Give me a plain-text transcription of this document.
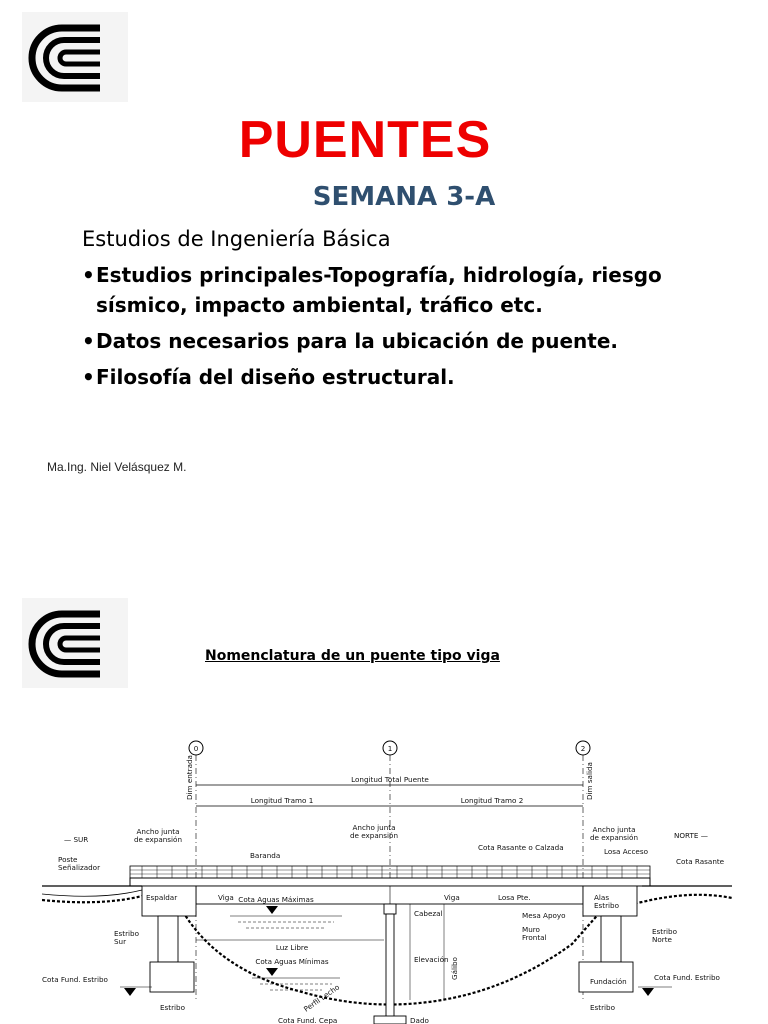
PUENTES
SEMANA 3-A
Estudios de Ingeniería Básica
• Estudios principales-Topografía, hidrología, riesgo sísmico, impacto ambiental, tráfico etc.
• Datos necesarios para la ubicación de puente.
• Filosofía del diseño estructural.
Ma.Ing. Niel Velásquez M.
Nomenclatura de un puente tipo viga
0	1	2
Dim entrada	Dim salida
Longitud Total Puente
Longitud Tramo 1	Longitud Tramo 2
— SUR	NORTE —
Ancho junta
de expansión
Ancho junta
de expansión
Ancho junta
de expansión
Poste
Señalizador
Baranda
Cota Rasante o Calzada	Losa Acceso
Cota Rasante
Espaldar	Viga	Viga	Losa Pte.	Alas
Estribo
Cota Aguas Máximas
Cabezal	Mesa Apoyo
Estribo
Sur
Estribo
Norte
Muro
Frontal
Luz Libre
Elevación Gálibo
Cota Aguas Mínimas
Perfil Lecho
Cota Fund. Estribo	Cota Fund. Estribo
Fundación
Estribo	Estribo
Cota Fund. Cepa	Dado
